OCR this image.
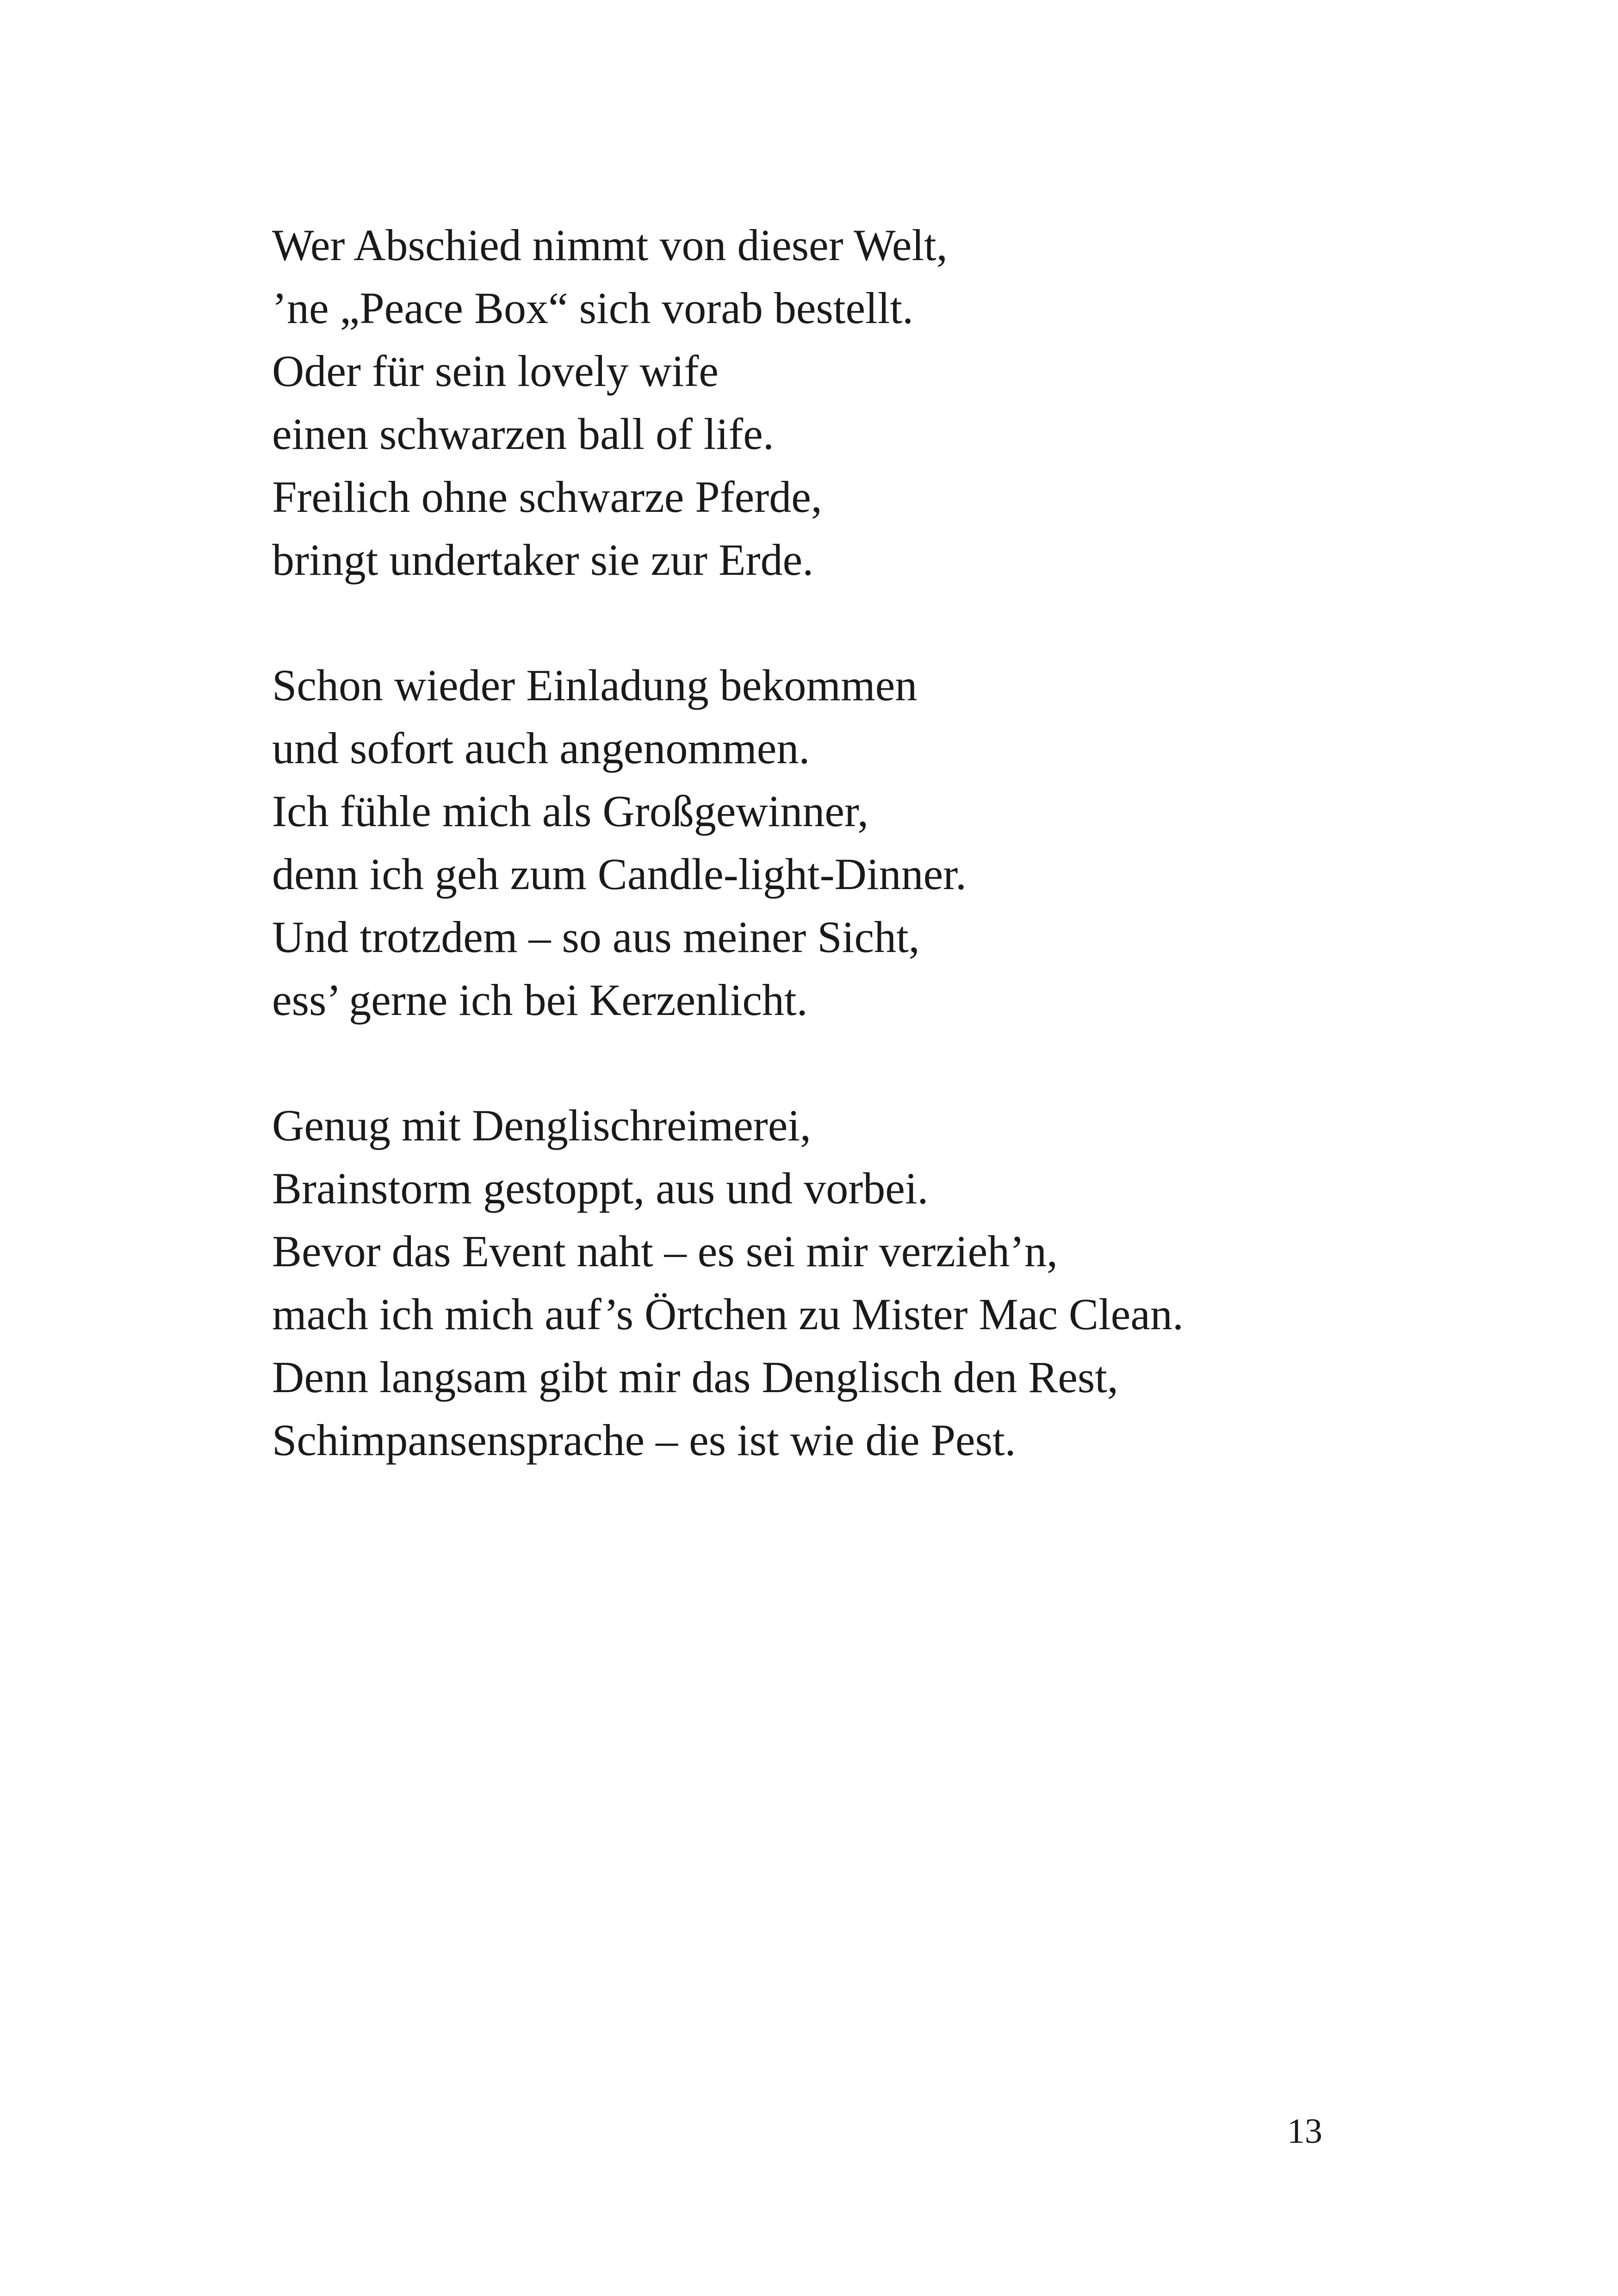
Wer Abschied nimmt von dieser Welt,
’ne „Peace Box“ sich vorab bestellt.
Oder für sein lovely wife
einen schwarzen ball of life.
Freilich ohne schwarze Pferde,
bringt undertaker sie zur Erde.
Schon wieder Einladung bekommen
und sofort auch angenommen.
Ich fühle mich als Großgewinner,
denn ich geh zum Candle-light-Dinner.
Und trotzdem – so aus meiner Sicht,
ess’ gerne ich bei Kerzenlicht.
Genug mit Denglischreimerei,
Brainstorm gestoppt, aus und vorbei.
Bevor das Event naht – es sei mir verzieh’n,
mach ich mich auf’s Örtchen zu Mister Mac Clean.
Denn langsam gibt mir das Denglisch den Rest,
Schimpansensprache – es ist wie die Pest.
13
